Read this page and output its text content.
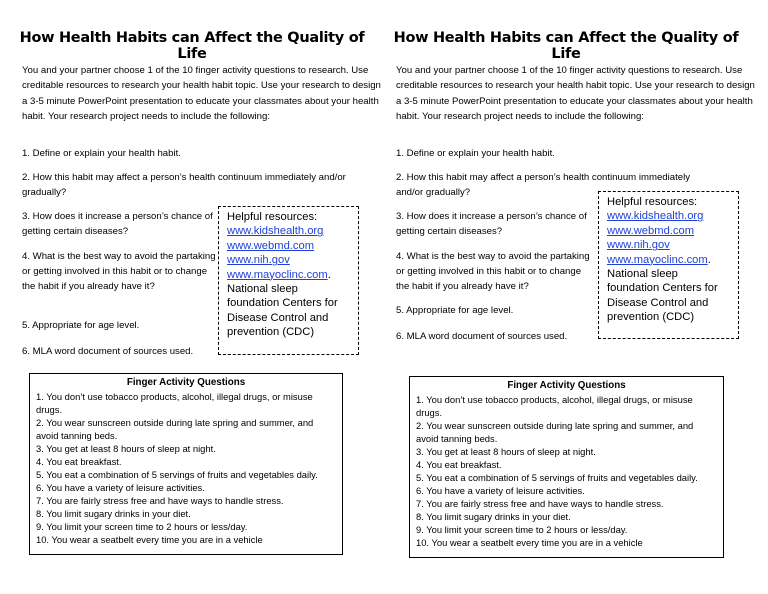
How Health Habits can Affect the Quality of Life

You and your partner choose 1 of the 10 finger activity questions to research. Use creditable resources to research your health habit topic. Use your research to design a 3-5 minute PowerPoint presentation to educate your classmates about your health habit. Your research project needs to include the following:

1. Define or explain your health habit.

2. How this habit may affect a person’s health continuum immediately and/or gradually?

3. How does it increase a person’s chance of getting certain diseases?

4. What is the best way to avoid the partaking or getting involved in this habit or to change the habit if you already have it?

5. Appropriate for age level.

6. MLA word document of sources used.

Helpful resources:
www.kidshealth.org
www.webmd.com
www.nih.gov
www.mayoclinc.com.
National sleep foundation Centers for Disease Control and prevention (CDC)
Finger Activity Questions
1. You don’t use tobacco products, alcohol, illegal drugs, or misuse drugs.
2. You wear sunscreen outside during late spring and summer, and avoid tanning beds.
3. You get at least 8 hours of sleep at night.
4. You eat breakfast.
5. You eat a combination of 5 servings of fruits and vegetables daily.
6. You have a variety of leisure activities.
7. You are fairly stress free and have ways to handle stress.
8. You limit sugary drinks in your diet.
9. You limit your screen time to 2 hours or less/day.
10. You wear a seatbelt every time you are in a vehicle
How Health Habits can Affect the Quality of Life

You and your partner choose 1 of the 10 finger activity questions to research. Use creditable resources to research your health habit topic. Use your research to design a 3-5 minute PowerPoint presentation to educate your classmates about your health habit. Your research project needs to include the following:

1. Define or explain your health habit.

2. How this habit may affect a person’s health continuum immediately and/or gradually?

3. How does it increase a person’s chance of getting certain diseases?

4. What is the best way to avoid the partaking or getting involved in this habit or to change the habit if you already have it?

5. Appropriate for age level.

6. MLA word document of sources used.

Helpful resources:
www.kidshealth.org
www.webmd.com
www.nih.gov
www.mayoclinc.com.
National sleep foundation Centers for Disease Control and prevention (CDC)
Finger Activity Questions
1. You don’t use tobacco products, alcohol, illegal drugs, or misuse drugs.
2. You wear sunscreen outside during late spring and summer, and avoid tanning beds.
3. You get at least 8 hours of sleep at night.
4. You eat breakfast.
5. You eat a combination of 5 servings of fruits and vegetables daily.
6. You have a variety of leisure activities.
7. You are fairly stress free and have ways to handle stress.
8. You limit sugary drinks in your diet.
9. You limit your screen time to 2 hours or less/day.
10. You wear a seatbelt every time you are in a vehicle
